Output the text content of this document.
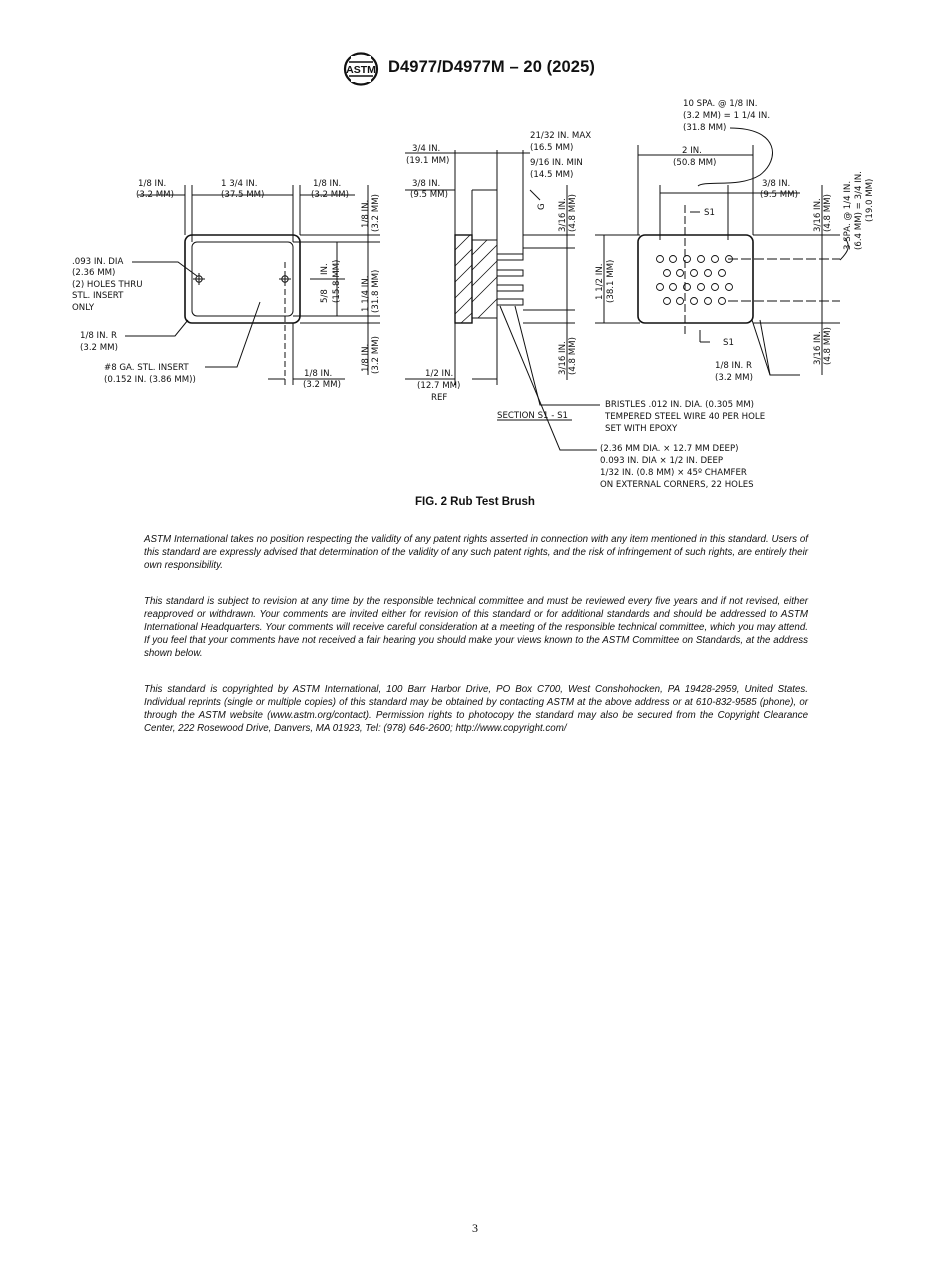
ASTM D4977/D4977M – 20 (2025)
1/8 IN.
(3.2 MM)
1 3/4 IN.
(37.5 MM)
1/8 IN.
(3.2 MM)
1/8 IN. (3.2 MM)
.093 IN. DIA
(2.36 MM)
(2) HOLES THRU
STL. INSERT
ONLY
5/8
IN. (15.8 MM) 1 1/4 IN. (31.8 MM)
1/8 IN. R
(3.2 MM)
#8 GA. STL. INSERT
(0.152 IN. (3.86 MM))
1/8 IN.
(3.2 MM)
1/8 IN. (3.2 MM)
3/4 IN.
(19.1 MM)
21/32 IN. MAX
(16.5 MM)
9/16 IN. MIN
(14.5 MM)
3/8 IN.
(9.5 MM)
G 3/16 IN. (4.8 MM)
1 1/2 IN. (38.1 MM)
3/16 IN. (4.8 MM)
1/2 IN.
(12.7 MM)
REF
SECTION S1 - S1
BRISTLES .012 IN. DIA. (0.305 MM)
TEMPERED STEEL WIRE 40 PER HOLE
SET WITH EPOXY
(2.36 MM DIA. × 12.7 MM DEEP)
0.093 IN. DIA × 1/2 IN. DEEP
1/32 IN. (0.8 MM) × 45º CHAMFER
ON EXTERNAL CORNERS, 22 HOLES
10 SPA. @ 1/8 IN.
(3.2 MM) = 1 1/4 IN.
(31.8 MM)
2 IN.
(50.8 MM)
3/8 IN.
(9.5 MM)
S1
S1
3/16 IN. (4.8 MM) 3 SPA. @ 1/4 IN. (6.4 MM) = 3/4 IN. (19.0 MM)
1/8 IN. R
(3.2 MM)
3/16 IN. (4.8 MM)
FIG. 2 Rub Test Brush

ASTM International takes no position respecting the validity of any patent rights asserted in connection with any item mentioned in this standard. Users of this standard are expressly advised that determination of the validity of any such patent rights, and the risk of infringement of such rights, are entirely their own responsibility.

This standard is subject to revision at any time by the responsible technical committee and must be reviewed every five years and if not revised, either reapproved or withdrawn. Your comments are invited either for revision of this standard or for additional standards and should be addressed to ASTM International Headquarters. Your comments will receive careful consideration at a meeting of the responsible technical committee, which you may attend. If you feel that your comments have not received a fair hearing you should make your views known to the ASTM Committee on Standards, at the address shown below.

This standard is copyrighted by ASTM International, 100 Barr Harbor Drive, PO Box C700, West Conshohocken, PA 19428-2959, United States. Individual reprints (single or multiple copies) of this standard may be obtained by contacting ASTM at the above address or at 610-832-9585 (phone), or through the ASTM website (www.astm.org/contact). Permission rights to photocopy the standard may also be secured from the Copyright Clearance Center, 222 Rosewood Drive, Danvers, MA 01923, Tel: (978) 646-2600; http://www.copyright.com/

3
